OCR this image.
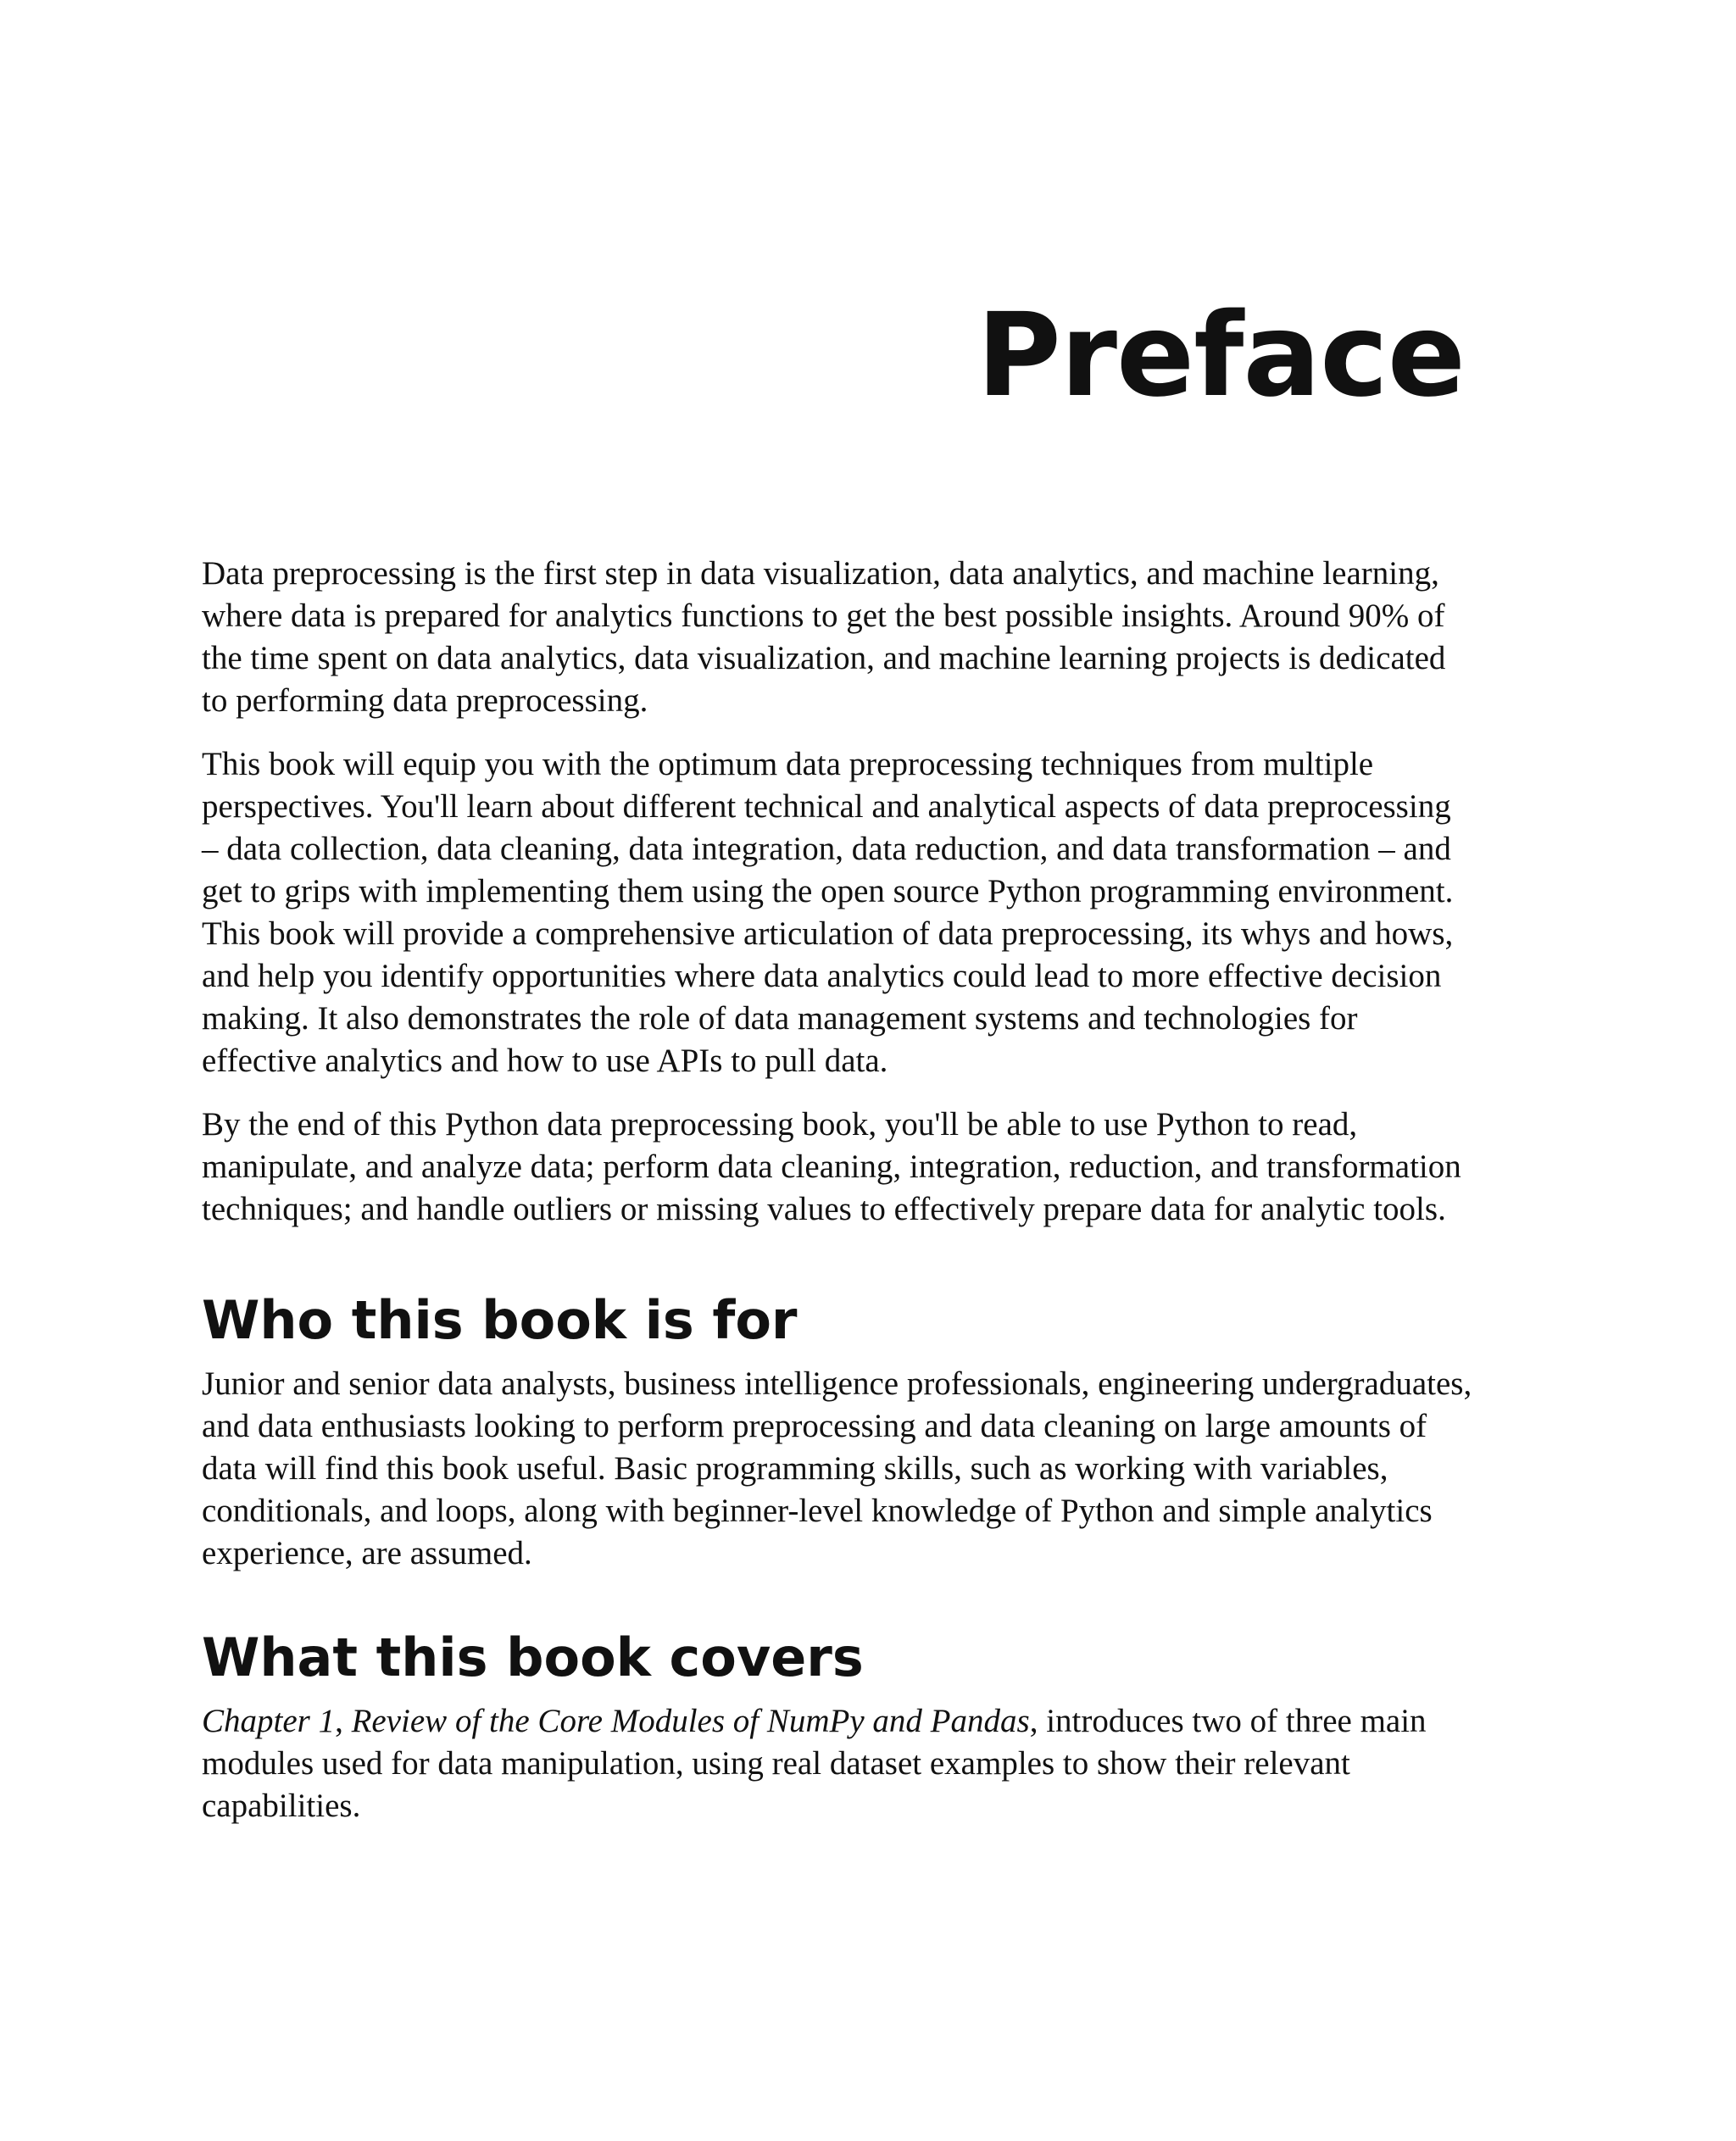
Preface

Data preprocessing is the first step in data visualization, data analytics, and machine learning, where data is prepared for analytics functions to get the best possible insights. Around 90% of the time spent on data analytics, data visualization, and machine learning projects is dedicated to performing data preprocessing.

This book will equip you with the optimum data preprocessing techniques from multiple perspectives. You'll learn about different technical and analytical aspects of data preprocessing – data collection, data cleaning, data integration, data reduction, and data transformation – and get to grips with implementing them using the open source Python programming environment. This book will provide a comprehensive articulation of data preprocessing, its whys and hows, and help you identify opportunities where data analytics could lead to more effective decision making. It also demonstrates the role of data management systems and technologies for effective analytics and how to use APIs to pull data.

By the end of this Python data preprocessing book, you'll be able to use Python to read, manipulate, and analyze data; perform data cleaning, integration, reduction, and transformation techniques; and handle outliers or missing values to effectively prepare data for analytic tools.

Who this book is for

Junior and senior data analysts, business intelligence professionals, engineering undergraduates, and data enthusiasts looking to perform preprocessing and data cleaning on large amounts of data will find this book useful. Basic programming skills, such as working with variables, conditionals, and loops, along with beginner-level knowledge of Python and simple analytics experience, are assumed.

What this book covers

Chapter 1, Review of the Core Modules of NumPy and Pandas, introduces two of three main modules used for data manipulation, using real dataset examples to show their relevant capabilities.
